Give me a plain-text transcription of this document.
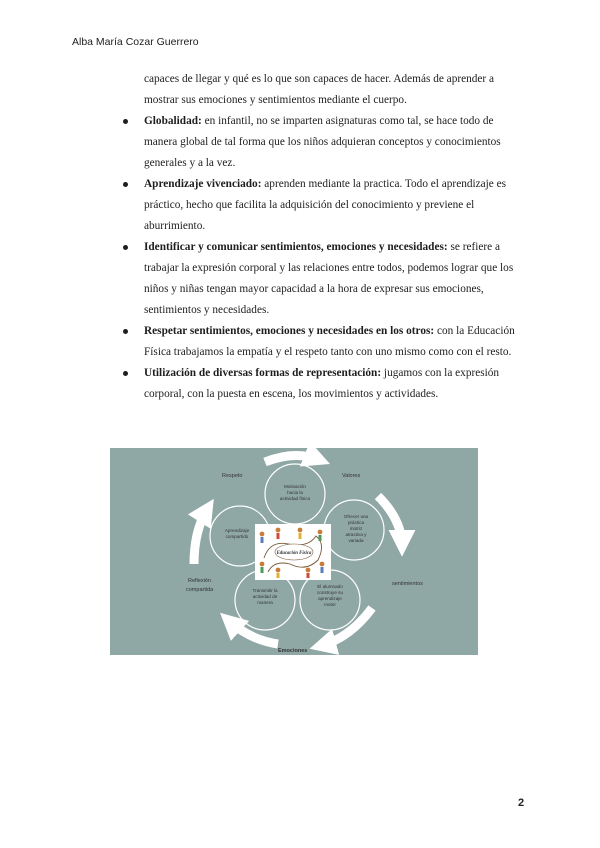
Alba María Cozar Guerrero

capaces de llegar y qué es lo que son capaces de hacer. Además de aprender a mostrar sus emociones y sentimientos mediante el cuerpo.

Globalidad: en infantil, no se imparten asignaturas como tal, se hace todo de manera global de tal forma que los niños adquieran conceptos y conocimientos generales y a la vez.
Aprendizaje vivenciado: aprenden mediante la practica. Todo el aprendizaje es práctico, hecho que facilita la adquisición del conocimiento y previene el aburrimiento.
Identificar y comunicar sentimientos, emociones y necesidades: se refiere a trabajar la expresión corporal y las relaciones entre todos, podemos lograr que los niños y niñas tengan mayor capacidad a la hora de expresar sus emociones, sentimientos y necesidades.
Respetar sentimientos, emociones y necesidades en los otros: con la Educación Física trabajamos la empatía y el respeto tanto con uno mismo como con el resto.
Utilización de diversas formas de representación: jugamos con la expresión corporal, con la puesta en escena, los movimientos y actividades.
Respeto	Valores
sentimientos
Emociones
Reflexión
compartida
Motivación
hacia la
actividad física
Ofrecer una
práctica
motriz
atractiva y
variada
El alumnado
construye su
aprendizaje
motor
Transmitir la
actividad de
manera
Aprendizaje
compartido
Educación Física
2
